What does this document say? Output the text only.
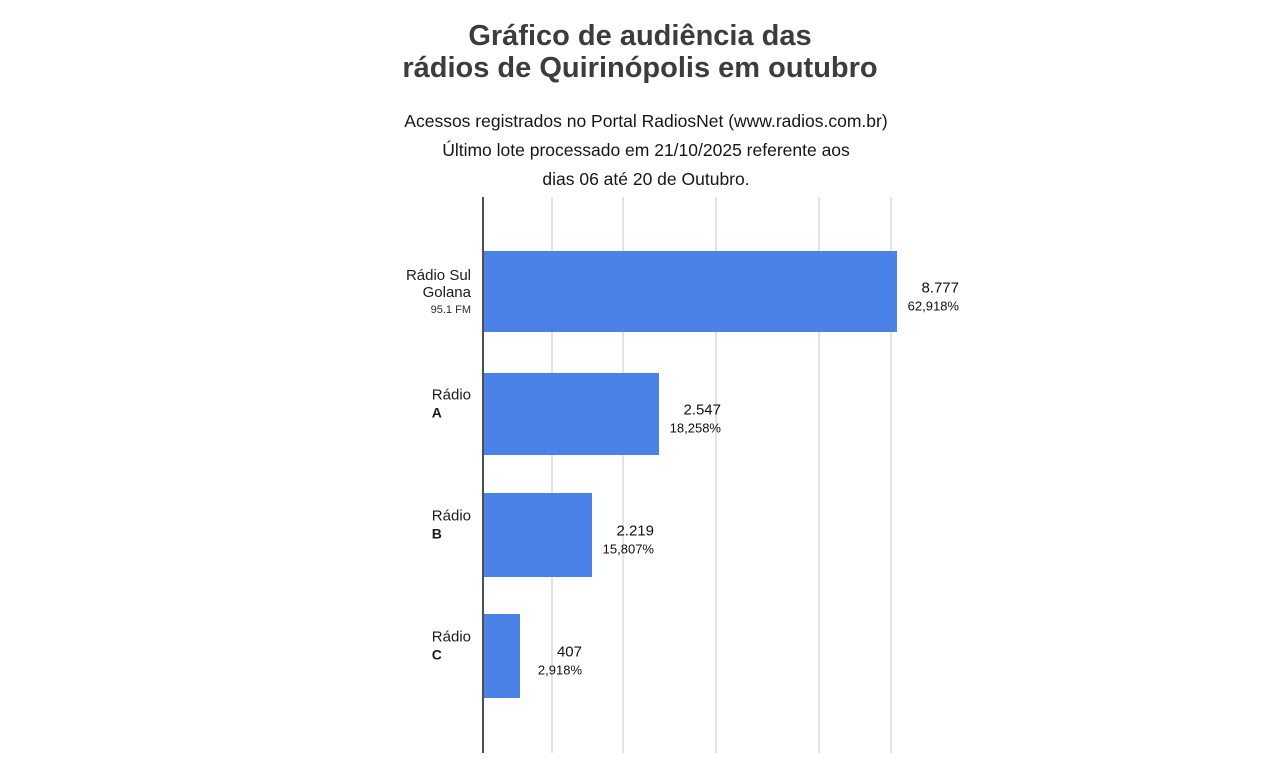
Gráfico de audiência das
rádios de Quirinópolis em outubro
Acessos registrados no Portal RadiosNet (www.radios.com.br)
Último lote processado em 21/10/2025 referente aos
dias 06 até 20 de Outubro.
Rádio Sul
Golana
95.1 FM
8.777
62,918%
Rádio
A	2.547
18,258%
Rádio
B	2.219
15,807%
Rádio
C	407
2,918%
